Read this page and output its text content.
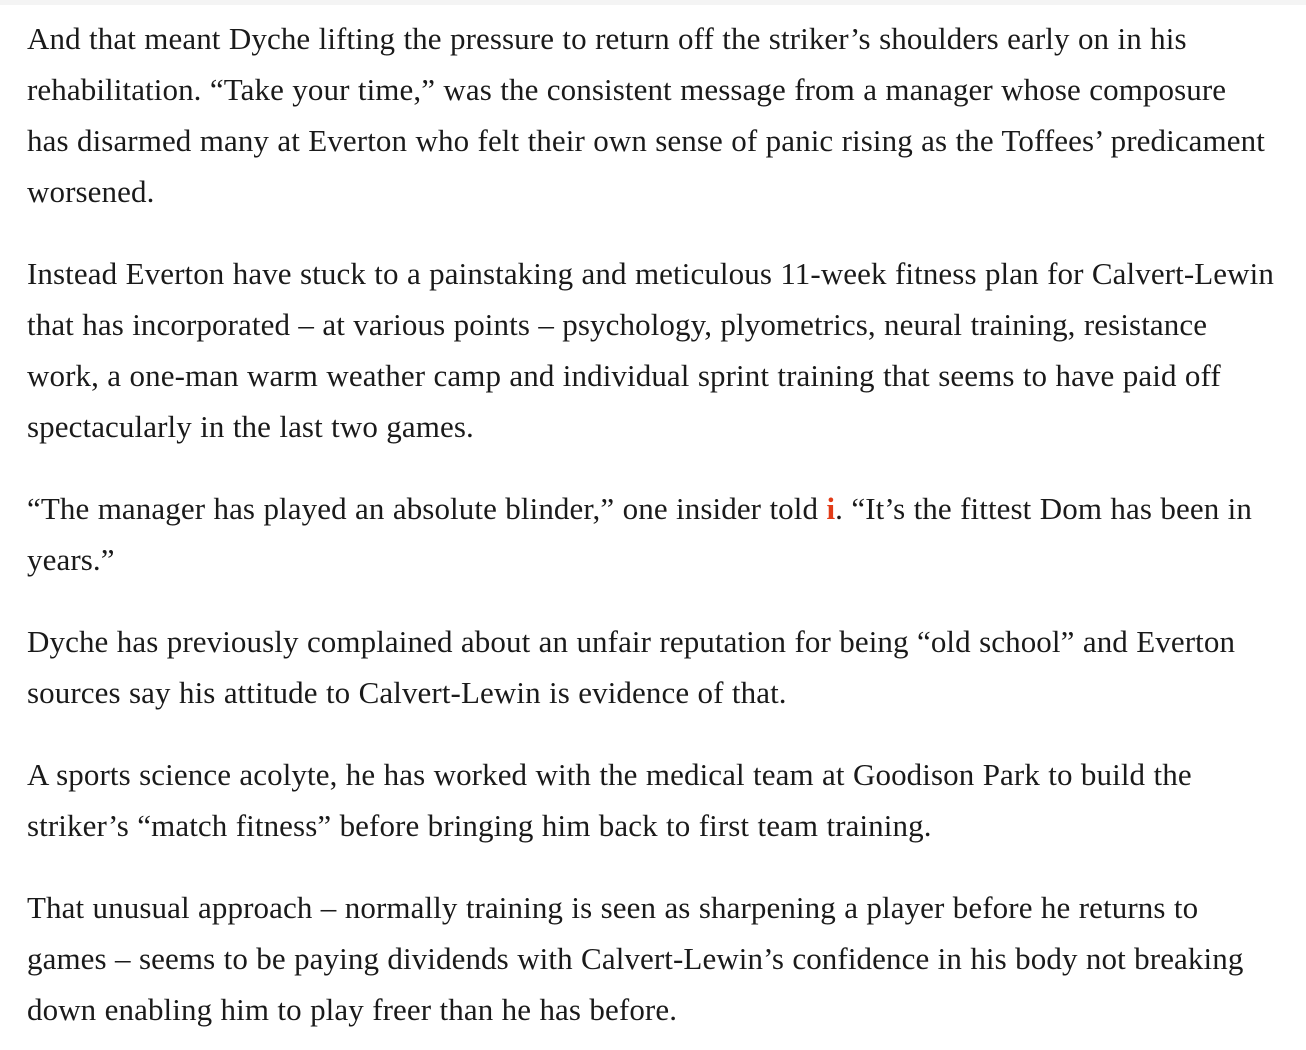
And that meant Dyche lifting the pressure to return off the striker’s shoulders early on in his rehabilitation. “Take your time,” was the consistent message from a manager whose composure has disarmed many at Everton who felt their own sense of panic rising as the Toffees’ predicament worsened.

Instead Everton have stuck to a painstaking and meticulous 11-week fitness plan for Calvert-Lewin that has incorporated – at various points – psychology, plyometrics, neural training, resistance work, a one-man warm weather camp and individual sprint training that seems to have paid off spectacularly in the last two games.

“The manager has played an absolute blinder,” one insider told i. “It’s the fittest Dom has been in years.”

Dyche has previously complained about an unfair reputation for being “old school” and Everton sources say his attitude to Calvert-Lewin is evidence of that.

A sports science acolyte, he has worked with the medical team at Goodison Park to build the striker’s “match fitness” before bringing him back to first team training.

That unusual approach – normally training is seen as sharpening a player before he returns to games – seems to be paying dividends with Calvert-Lewin’s confidence in his body not breaking down enabling him to play freer than he has before.
